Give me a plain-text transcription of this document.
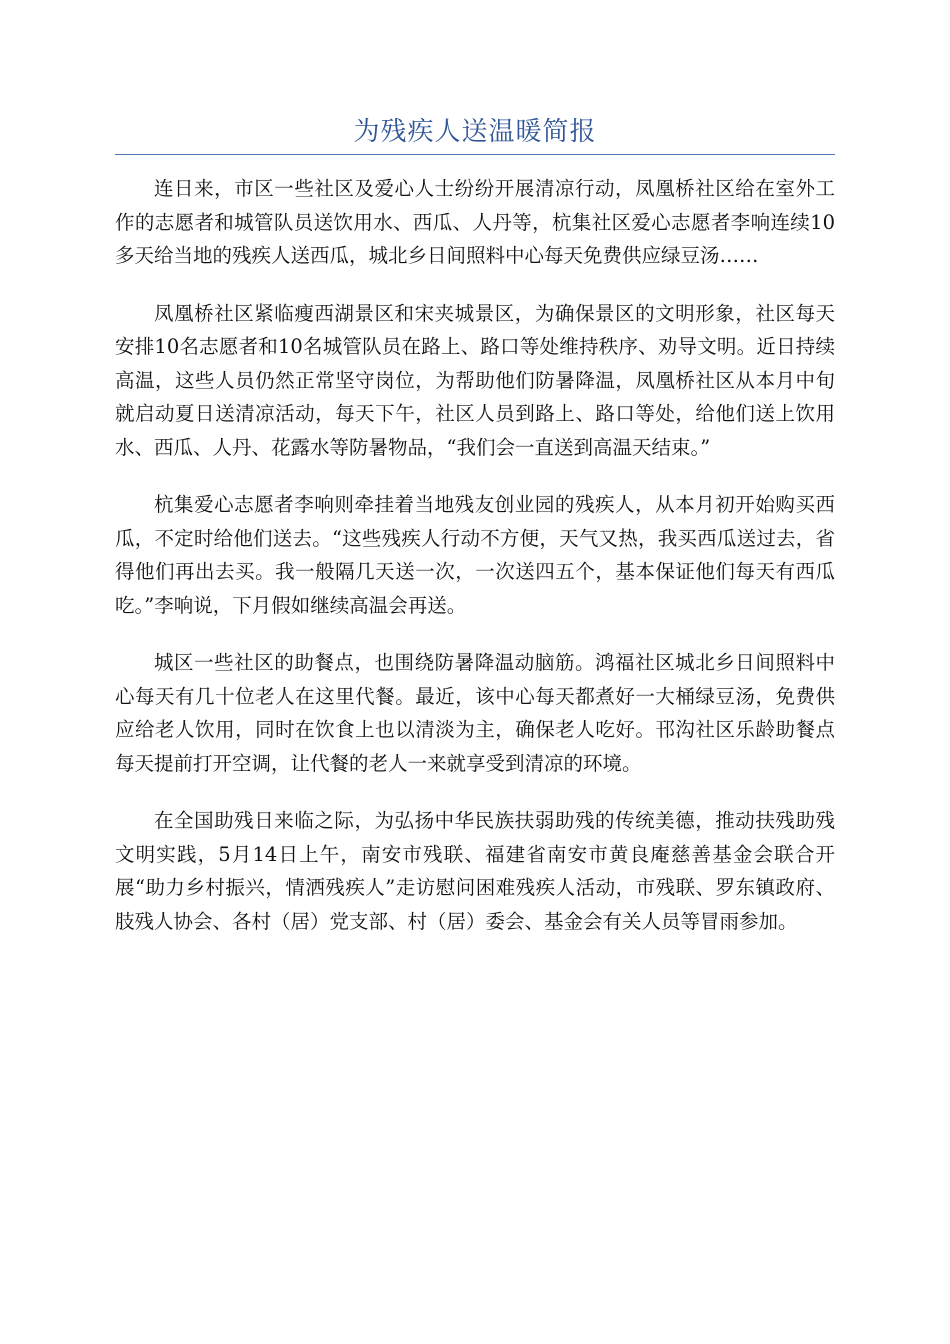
为残疾人送温暖简报

连日来，市区一些社区及爱心人士纷纷开展清凉行动，凤凰桥社区给在室外工作的志愿者和城管队员送饮用水、西瓜、人丹等，杭集社区爱心志愿者李响连续10多天给当地的残疾人送西瓜，城北乡日间照料中心每天免费供应绿豆汤……

凤凰桥社区紧临瘦西湖景区和宋夹城景区，为确保景区的文明形象，社区每天安排10名志愿者和10名城管队员在路上、路口等处维持秩序、劝导文明。近日持续高温，这些人员仍然正常坚守岗位，为帮助他们防暑降温，凤凰桥社区从本月中旬就启动夏日送清凉活动，每天下午，社区人员到路上、路口等处，给他们送上饮用水、西瓜、人丹、花露水等防暑物品，“我们会一直送到高温天结束。”

杭集爱心志愿者李响则牵挂着当地残友创业园的残疾人，从本月初开始购买西瓜，不定时给他们送去。“这些残疾人行动不方便，天气又热，我买西瓜送过去，省得他们再出去买。我一般隔几天送一次，一次送四五个，基本保证他们每天有西瓜吃。”李响说，下月假如继续高温会再送。

城区一些社区的助餐点，也围绕防暑降温动脑筋。鸿福社区城北乡日间照料中心每天有几十位老人在这里代餐。最近，该中心每天都煮好一大桶绿豆汤，免费供应给老人饮用，同时在饮食上也以清淡为主，确保老人吃好。邗沟社区乐龄助餐点每天提前打开空调，让代餐的老人一来就享受到清凉的环境。

在全国助残日来临之际，为弘扬中华民族扶弱助残的传统美德，推动扶残助残文明实践，5月14日上午，南安市残联、福建省南安市黄良庵慈善基金会联合开展“助力乡村振兴，情洒残疾人”走访慰问困难残疾人活动，市残联、罗东镇政府、肢残人协会、各村（居）党支部、村（居）委会、基金会有关人员等冒雨参加。
